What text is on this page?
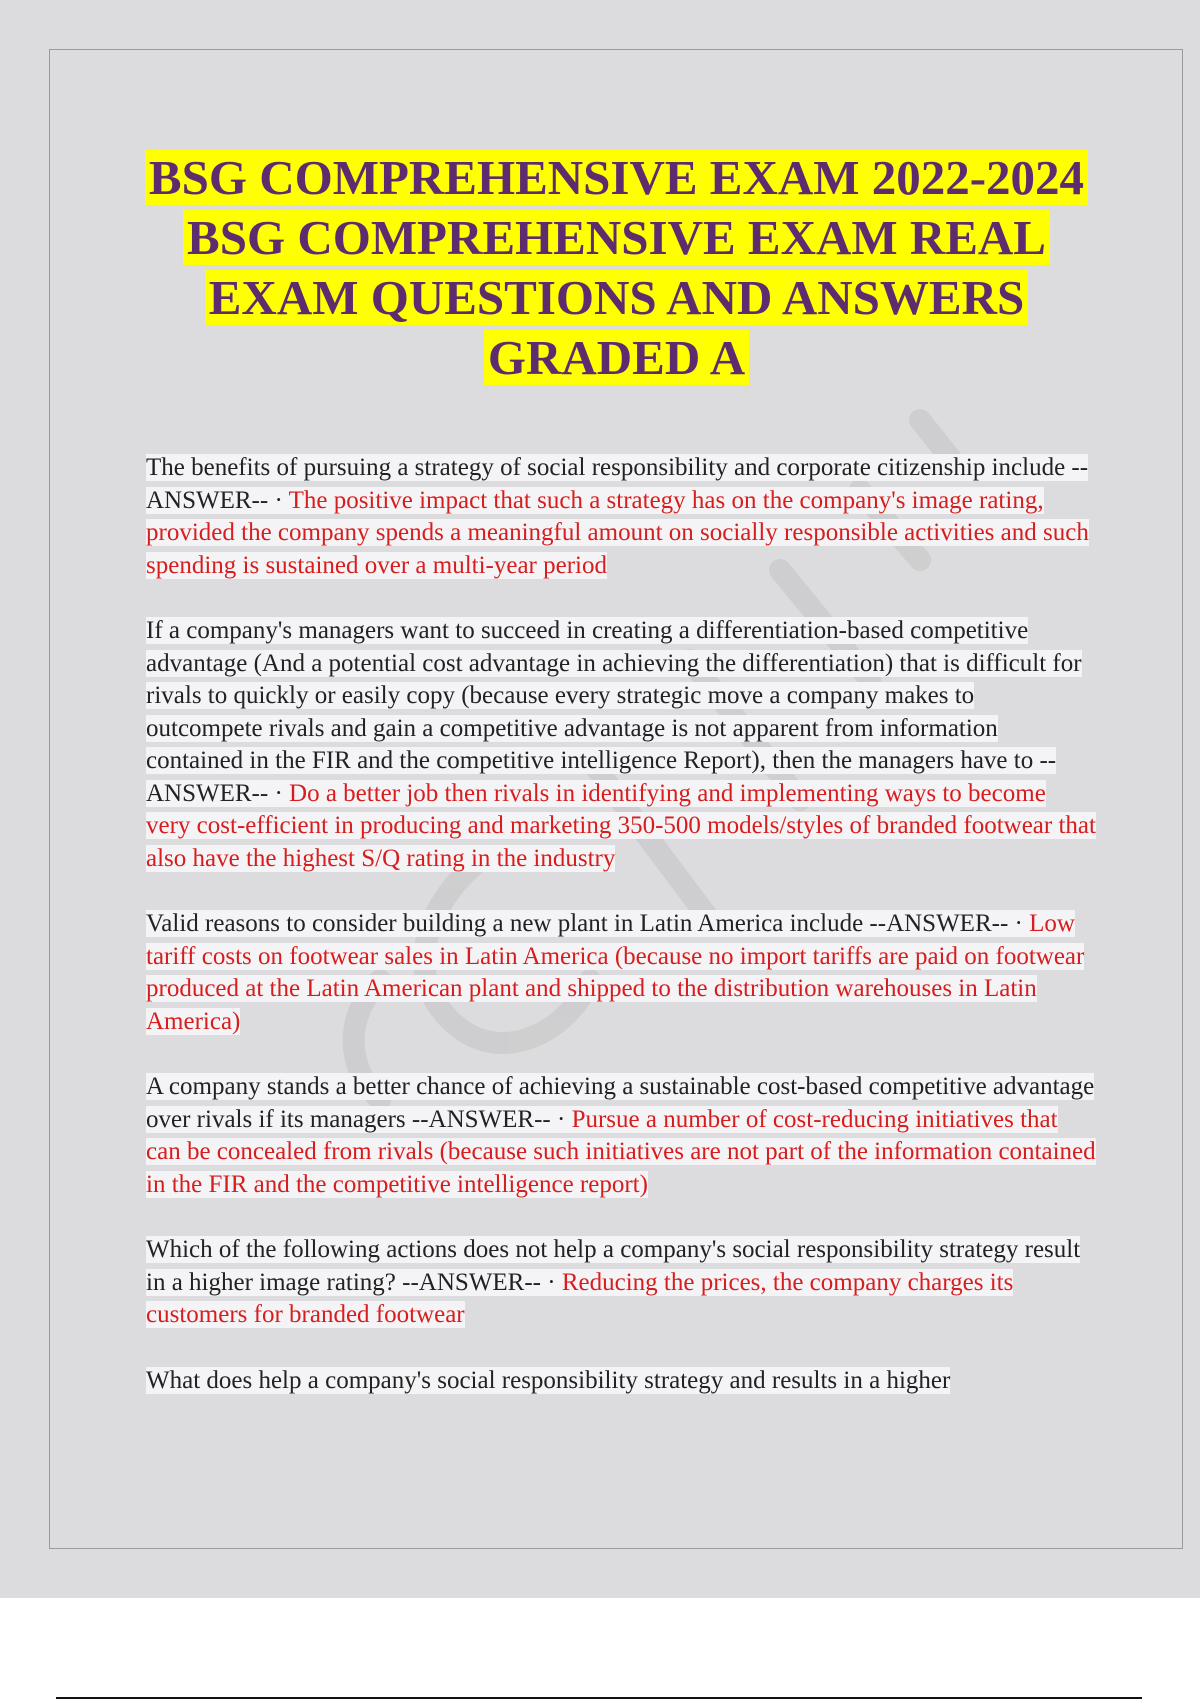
BSG COMPREHENSIVE EXAM 2022-2024 BSG COMPREHENSIVE EXAM REAL EXAM QUESTIONS AND ANSWERS GRADED A

The benefits of pursuing a strategy of social responsibility and corporate citizenship include --ANSWER-- · The positive impact that such a strategy has on the company's image rating, provided the company spends a meaningful amount on socially responsible activities and such spending is sustained over a multi-year period

If a company's managers want to succeed in creating a differentiation-based competitive advantage (And a potential cost advantage in achieving the differentiation) that is difficult for rivals to quickly or easily copy (because every strategic move a company makes to outcompete rivals and gain a competitive advantage is not apparent from information contained in the FIR and the competitive intelligence Report), then the managers have to --ANSWER-- · Do a better job then rivals in identifying and implementing ways to become very cost-efficient in producing and marketing 350-500 models/styles of branded footwear that also have the highest S/Q rating in the industry

Valid reasons to consider building a new plant in Latin America include --ANSWER-- · Low tariff costs on footwear sales in Latin America (because no import tariffs are paid on footwear produced at the Latin American plant and shipped to the distribution warehouses in Latin America)

A company stands a better chance of achieving a sustainable cost-based competitive advantage over rivals if its managers --ANSWER-- · Pursue a number of cost-reducing initiatives that can be concealed from rivals (because such initiatives are not part of the information contained in the FIR and the competitive intelligence report)

Which of the following actions does not help a company's social responsibility strategy result in a higher image rating? --ANSWER-- · Reducing the prices, the company charges its customers for branded footwear

What does help a company's social responsibility strategy and results in a higher
